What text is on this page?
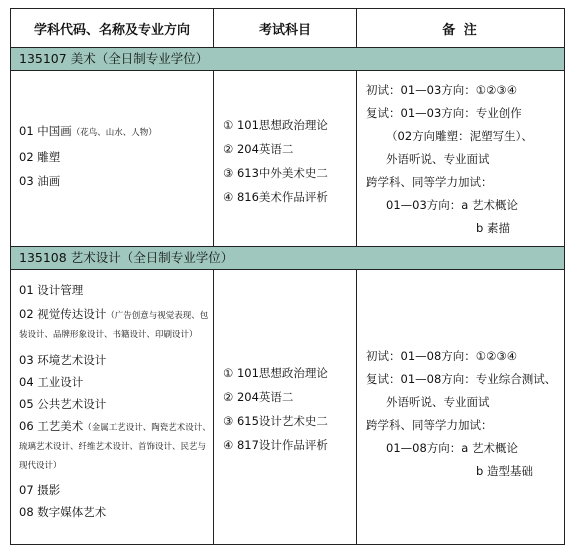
学科代码、名称及专业方向	考试科目	备 注
135107 美术（全日制专业学位）
01 中国画（花鸟、山水、人物）
02 雕塑
03 油画
① 101思想政治理论
② 204英语二
③ 613中外美术史二
④ 816美术作品评析
初试：01—03方向：①②③④
复试：01—03方向：专业创作
（02方向雕塑：泥塑写生）、
外语听说、专业面试
跨学科、同等学力加试：
01—03方向：a 艺术概论
b 素描
135108 艺术设计（全日制专业学位）
01 设计管理
02 视觉传达设计（广告创意与视觉表现、包装设计、品牌形象设计、书籍设计、印刷设计）
03 环境艺术设计
04 工业设计
05 公共艺术设计
06 工艺美术（金属工艺设计、陶瓷艺术设计、琉璃艺术设计、纤维艺术设计、首饰设计、民艺与现代设计）
07 摄影
08 数字媒体艺术
① 101思想政治理论
② 204英语二
③ 615设计艺术史二
④ 817设计作品评析
初试：01—08方向：①②③④
复试：01—08方向：专业综合测试、
外语听说、专业面试
跨学科、同等学力加试：
01—08方向：a 艺术概论
b 造型基础
